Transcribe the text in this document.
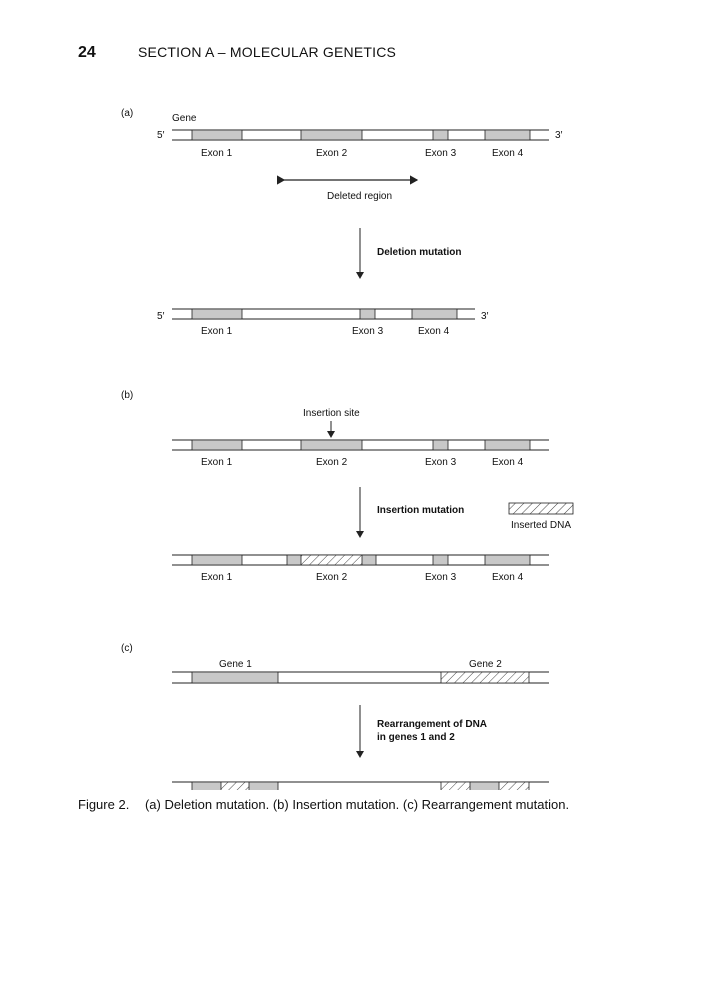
24	SECTION A – MOLECULAR GENETICS
(a)	Gene
5′	3′
Exon 1	Exon 2	Exon 3	Exon 4
Deleted region
Deletion mutation
5′	3′
Exon 1	Exon 3	Exon 4
(b)
Insertion site
Exon 1	Exon 2	Exon 3	Exon 4
Insertion mutation
Inserted DNA
Exon 1	Exon 2	Exon 3	Exon 4
(c)
Gene 1	Gene 2
Rearrangement of DNA
in genes 1 and 2
Figure 2. (a) Deletion mutation. (b) Insertion mutation. (c) Rearrangement mutation.
